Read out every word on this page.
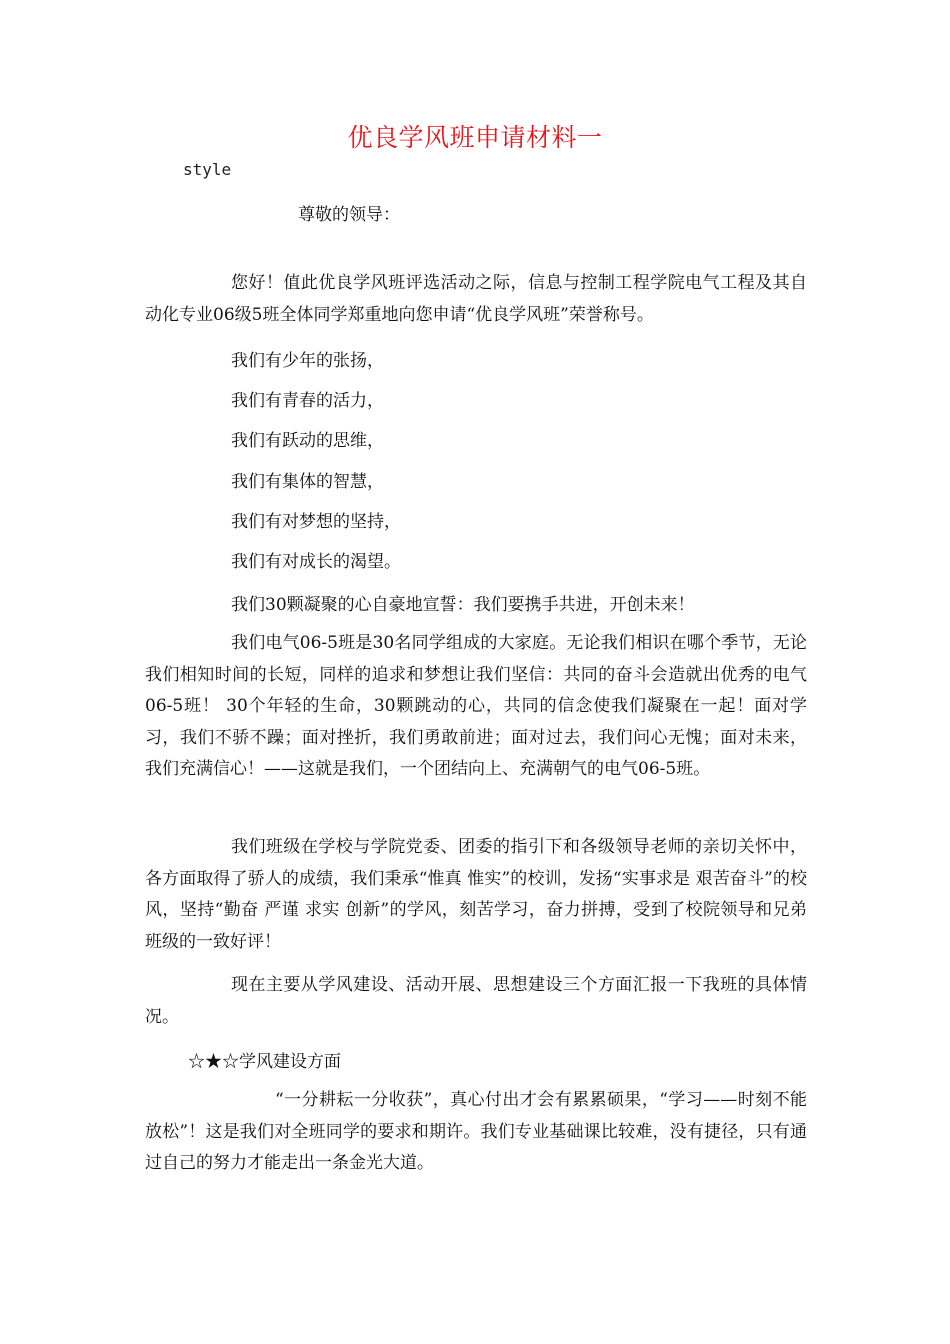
优良学风班申请材料一
style
尊敬的领导：

您好！值此优良学风班评选活动之际，信息与控制工程学院电气工程及其自动化专业06级5班全体同学郑重地向您申请“优良学风班”荣誉称号。

我们有少年的张扬，
我们有青春的活力，
我们有跃动的思维，
我们有集体的智慧，
我们有对梦想的坚持，
我们有对成长的渴望。
我们30颗凝聚的心自豪地宣誓：我们要携手共进，开创未来！

我们电气06-5班是30名同学组成的大家庭。无论我们相识在哪个季节，无论我们相知时间的长短，同样的追求和梦想让我们坚信：共同的奋斗会造就出优秀的电气06-5班！ 30个年轻的生命，30颗跳动的心，共同的信念使我们凝聚在一起！面对学习，我们不骄不躁；面对挫折，我们勇敢前进；面对过去，我们问心无愧；面对未来，我们充满信心！——这就是我们，一个团结向上、充满朝气的电气06-5班。

我们班级在学校与学院党委、团委的指引下和各级领导老师的亲切关怀中，各方面取得了骄人的成绩，我们秉承“惟真 惟实”的校训，发扬“实事求是 艰苦奋斗”的校风，坚持“勤奋 严谨 求实 创新”的学风，刻苦学习，奋力拼搏，受到了校院领导和兄弟班级的一致好评！

现在主要从学风建设、活动开展、思想建设三个方面汇报一下我班的具体情况。

☆★☆学风建设方面

“一分耕耘一分收获”，真心付出才会有累累硕果，“学习——时刻不能放松”！这是我们对全班同学的要求和期许。我们专业基础课比较难，没有捷径，只有通过自己的努力才能走出一条金光大道。
